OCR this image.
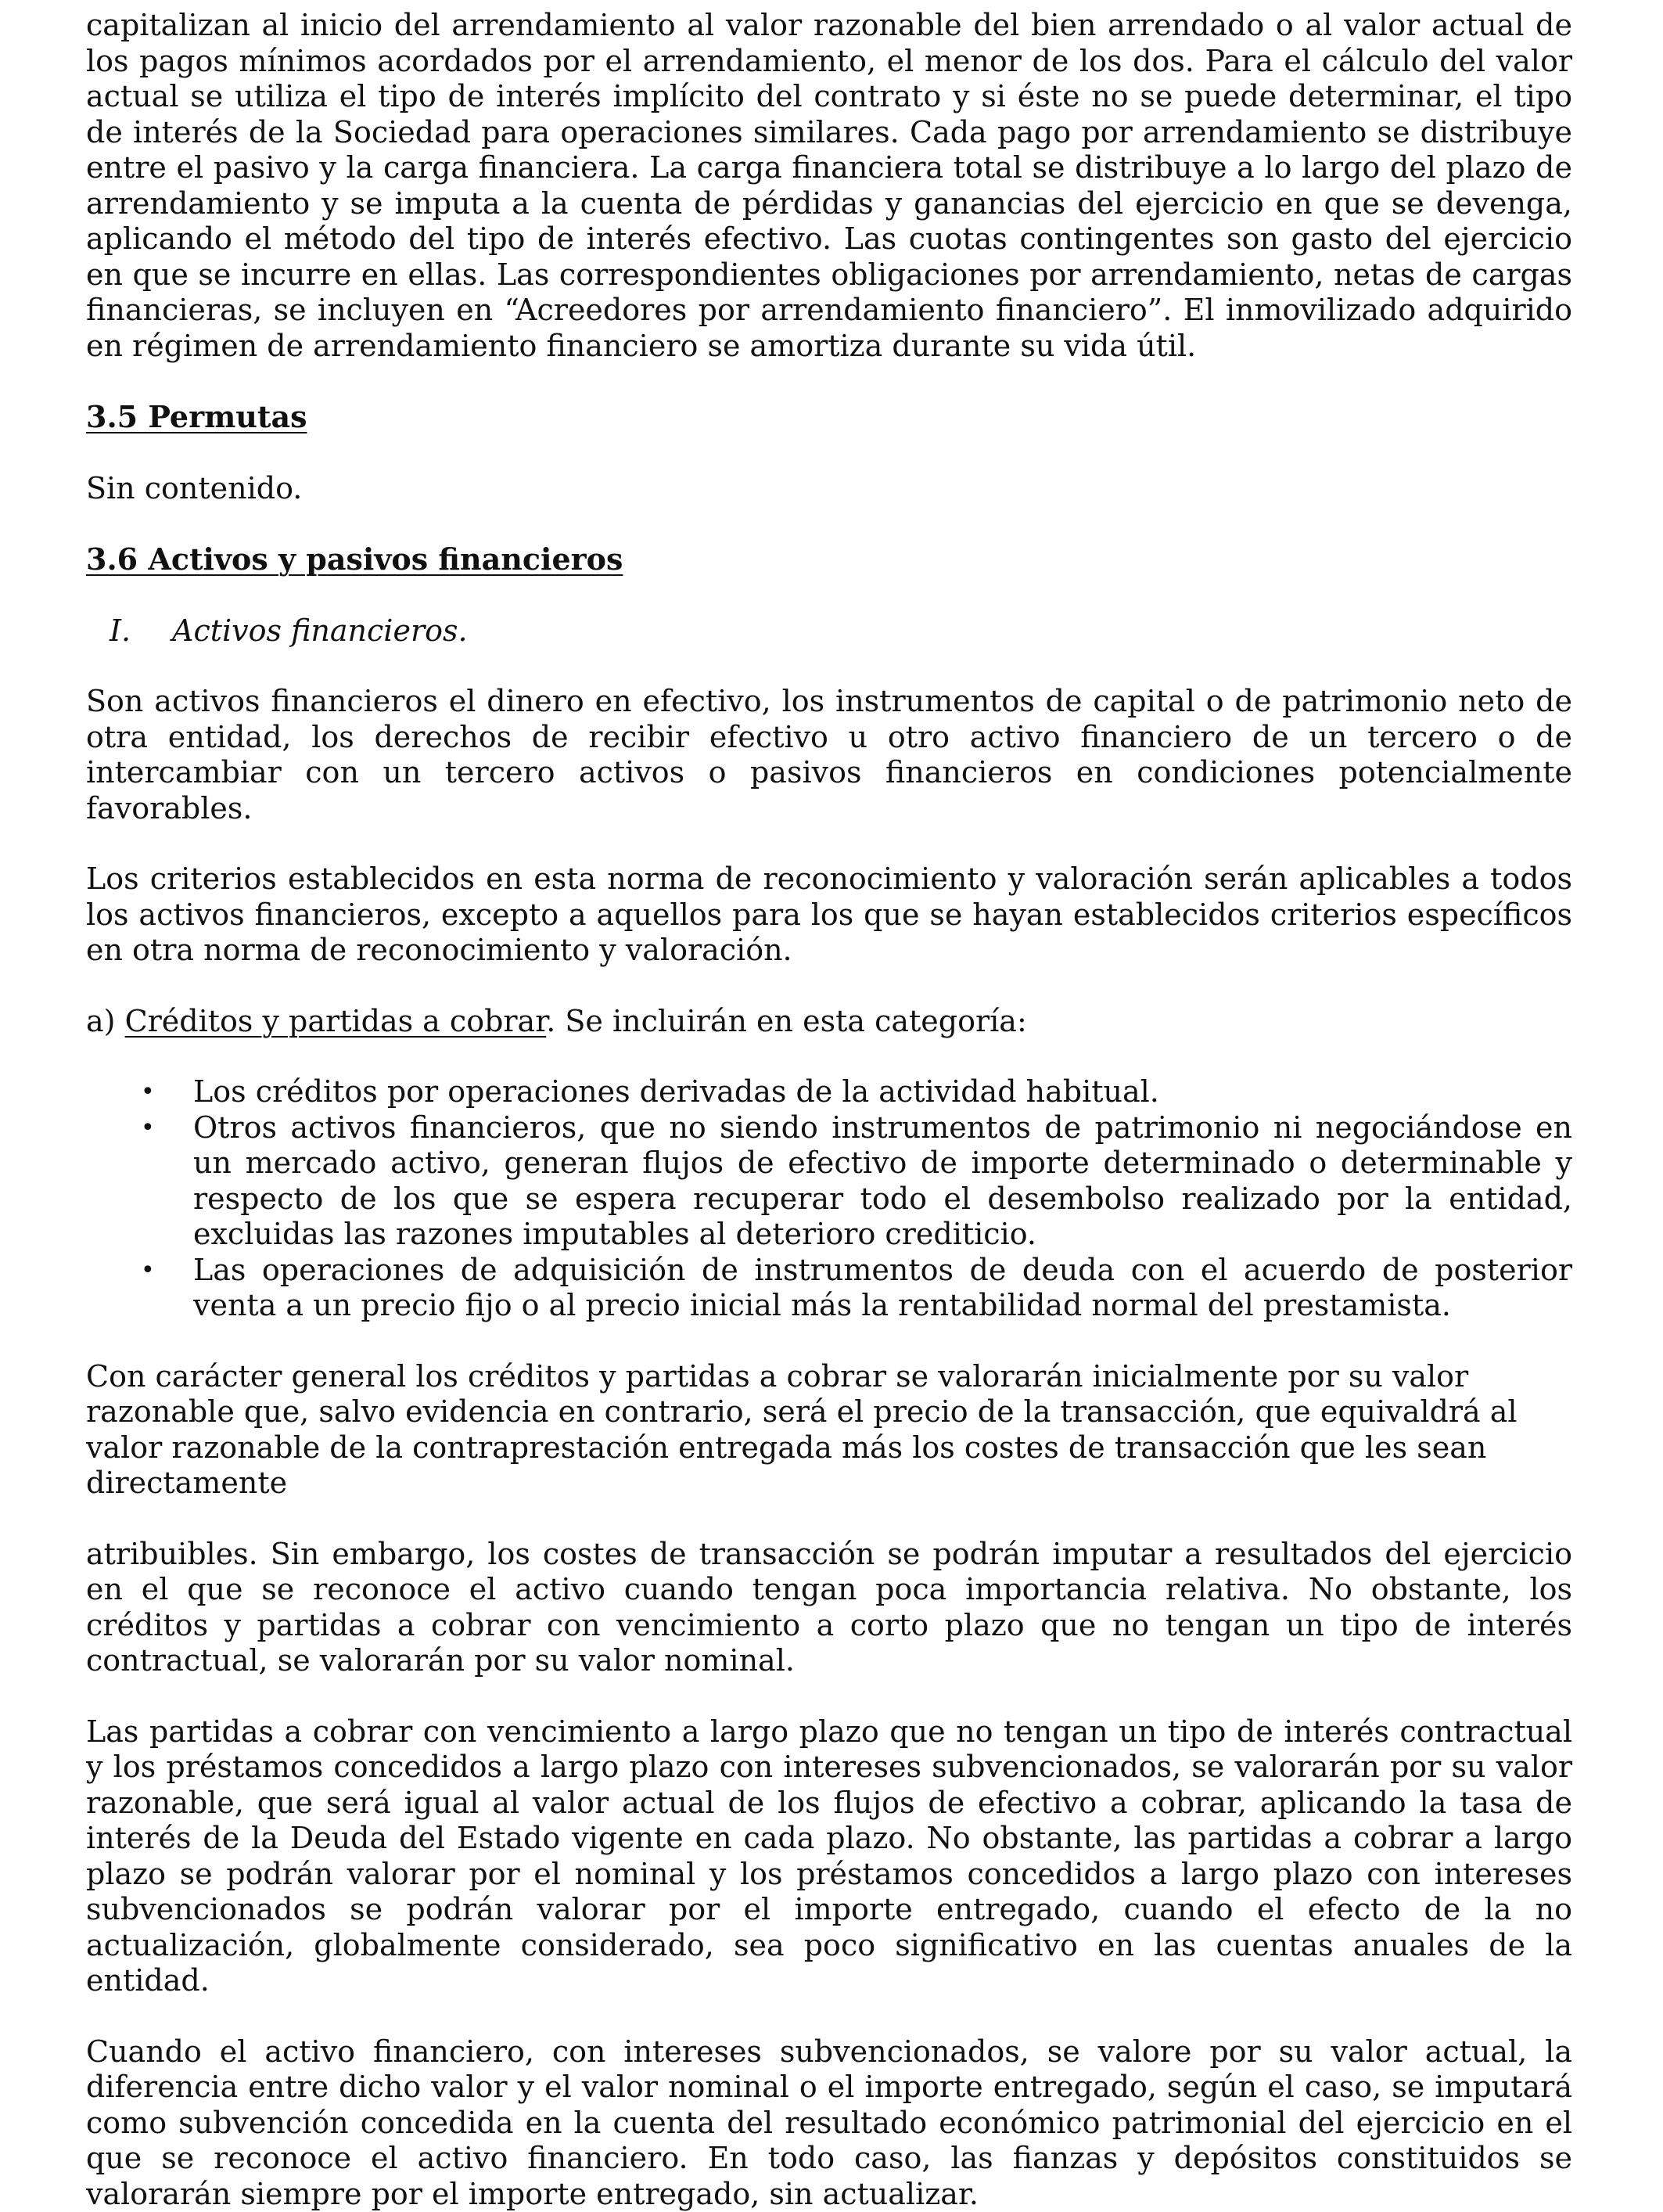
capitalizan al inicio del arrendamiento al valor razonable del bien arrendado o al valor actual de los pagos mínimos acordados por el arrendamiento, el menor de los dos. Para el cálculo del valor actual se utiliza el tipo de interés implícito del contrato y si éste no se puede determinar, el tipo de interés de la Sociedad para operaciones similares. Cada pago por arrendamiento se distribuye entre el pasivo y la carga financiera. La carga financiera total se distribuye a lo largo del plazo de arrendamiento y se imputa a la cuenta de pérdidas y ganancias del ejercicio en que se devenga, aplicando el método del tipo de interés efectivo. Las cuotas contingentes son gasto del ejercicio en que se incurre en ellas. Las correspondientes obligaciones por arrendamiento, netas de cargas financieras, se incluyen en “Acreedores por arrendamiento financiero”. El inmovilizado adquirido en régimen de arrendamiento financiero se amortiza durante su vida útil.

3.5 Permutas

Sin contenido.

3.6 Activos y pasivos financieros

I.	Activos financieros.

Son activos financieros el dinero en efectivo, los instrumentos de capital o de patrimonio neto de otra entidad, los derechos de recibir efectivo u otro activo financiero de un tercero o de intercambiar con un tercero activos o pasivos financieros en condiciones potencialmente favorables.

Los criterios establecidos en esta norma de reconocimiento y valoración serán aplicables a todos los activos financieros, excepto a aquellos para los que se hayan establecidos criterios específicos en otra norma de reconocimiento y valoración.

a) Créditos y partidas a cobrar. Se incluirán en esta categoría:

• Los créditos por operaciones derivadas de la actividad habitual.
• Otros activos financieros, que no siendo instrumentos de patrimonio ni negociándose en un mercado activo, generan flujos de efectivo de importe determinado o determinable y respecto de los que se espera recuperar todo el desembolso realizado por la entidad, excluidas las razones imputables al deterioro crediticio.
• Las operaciones de adquisición de instrumentos de deuda con el acuerdo de posterior venta a un precio fijo o al precio inicial más la rentabilidad normal del prestamista.

Con carácter general los créditos y partidas a cobrar se valorarán inicialmente por su valor razonable que, salvo evidencia en contrario, será el precio de la transacción, que equivaldrá al valor razonable de la contraprestación entregada más los costes de transacción que les sean directamente

atribuibles. Sin embargo, los costes de transacción se podrán imputar a resultados del ejercicio en el que se reconoce el activo cuando tengan poca importancia relativa. No obstante, los créditos y partidas a cobrar con vencimiento a corto plazo que no tengan un tipo de interés contractual, se valorarán por su valor nominal.

Las partidas a cobrar con vencimiento a largo plazo que no tengan un tipo de interés contractual y los préstamos concedidos a largo plazo con intereses subvencionados, se valorarán por su valor razonable, que será igual al valor actual de los flujos de efectivo a cobrar, aplicando la tasa de interés de la Deuda del Estado vigente en cada plazo. No obstante, las partidas a cobrar a largo plazo se podrán valorar por el nominal y los préstamos concedidos a largo plazo con intereses subvencionados se podrán valorar por el importe entregado, cuando el efecto de la no actualización, globalmente considerado, sea poco significativo en las cuentas anuales de la entidad.

Cuando el activo financiero, con intereses subvencionados, se valore por su valor actual, la diferencia entre dicho valor y el valor nominal o el importe entregado, según el caso, se imputará como subvención concedida en la cuenta del resultado económico patrimonial del ejercicio en el que se reconoce el activo financiero. En todo caso, las fianzas y depósitos constituidos se valorarán siempre por el importe entregado, sin actualizar.
